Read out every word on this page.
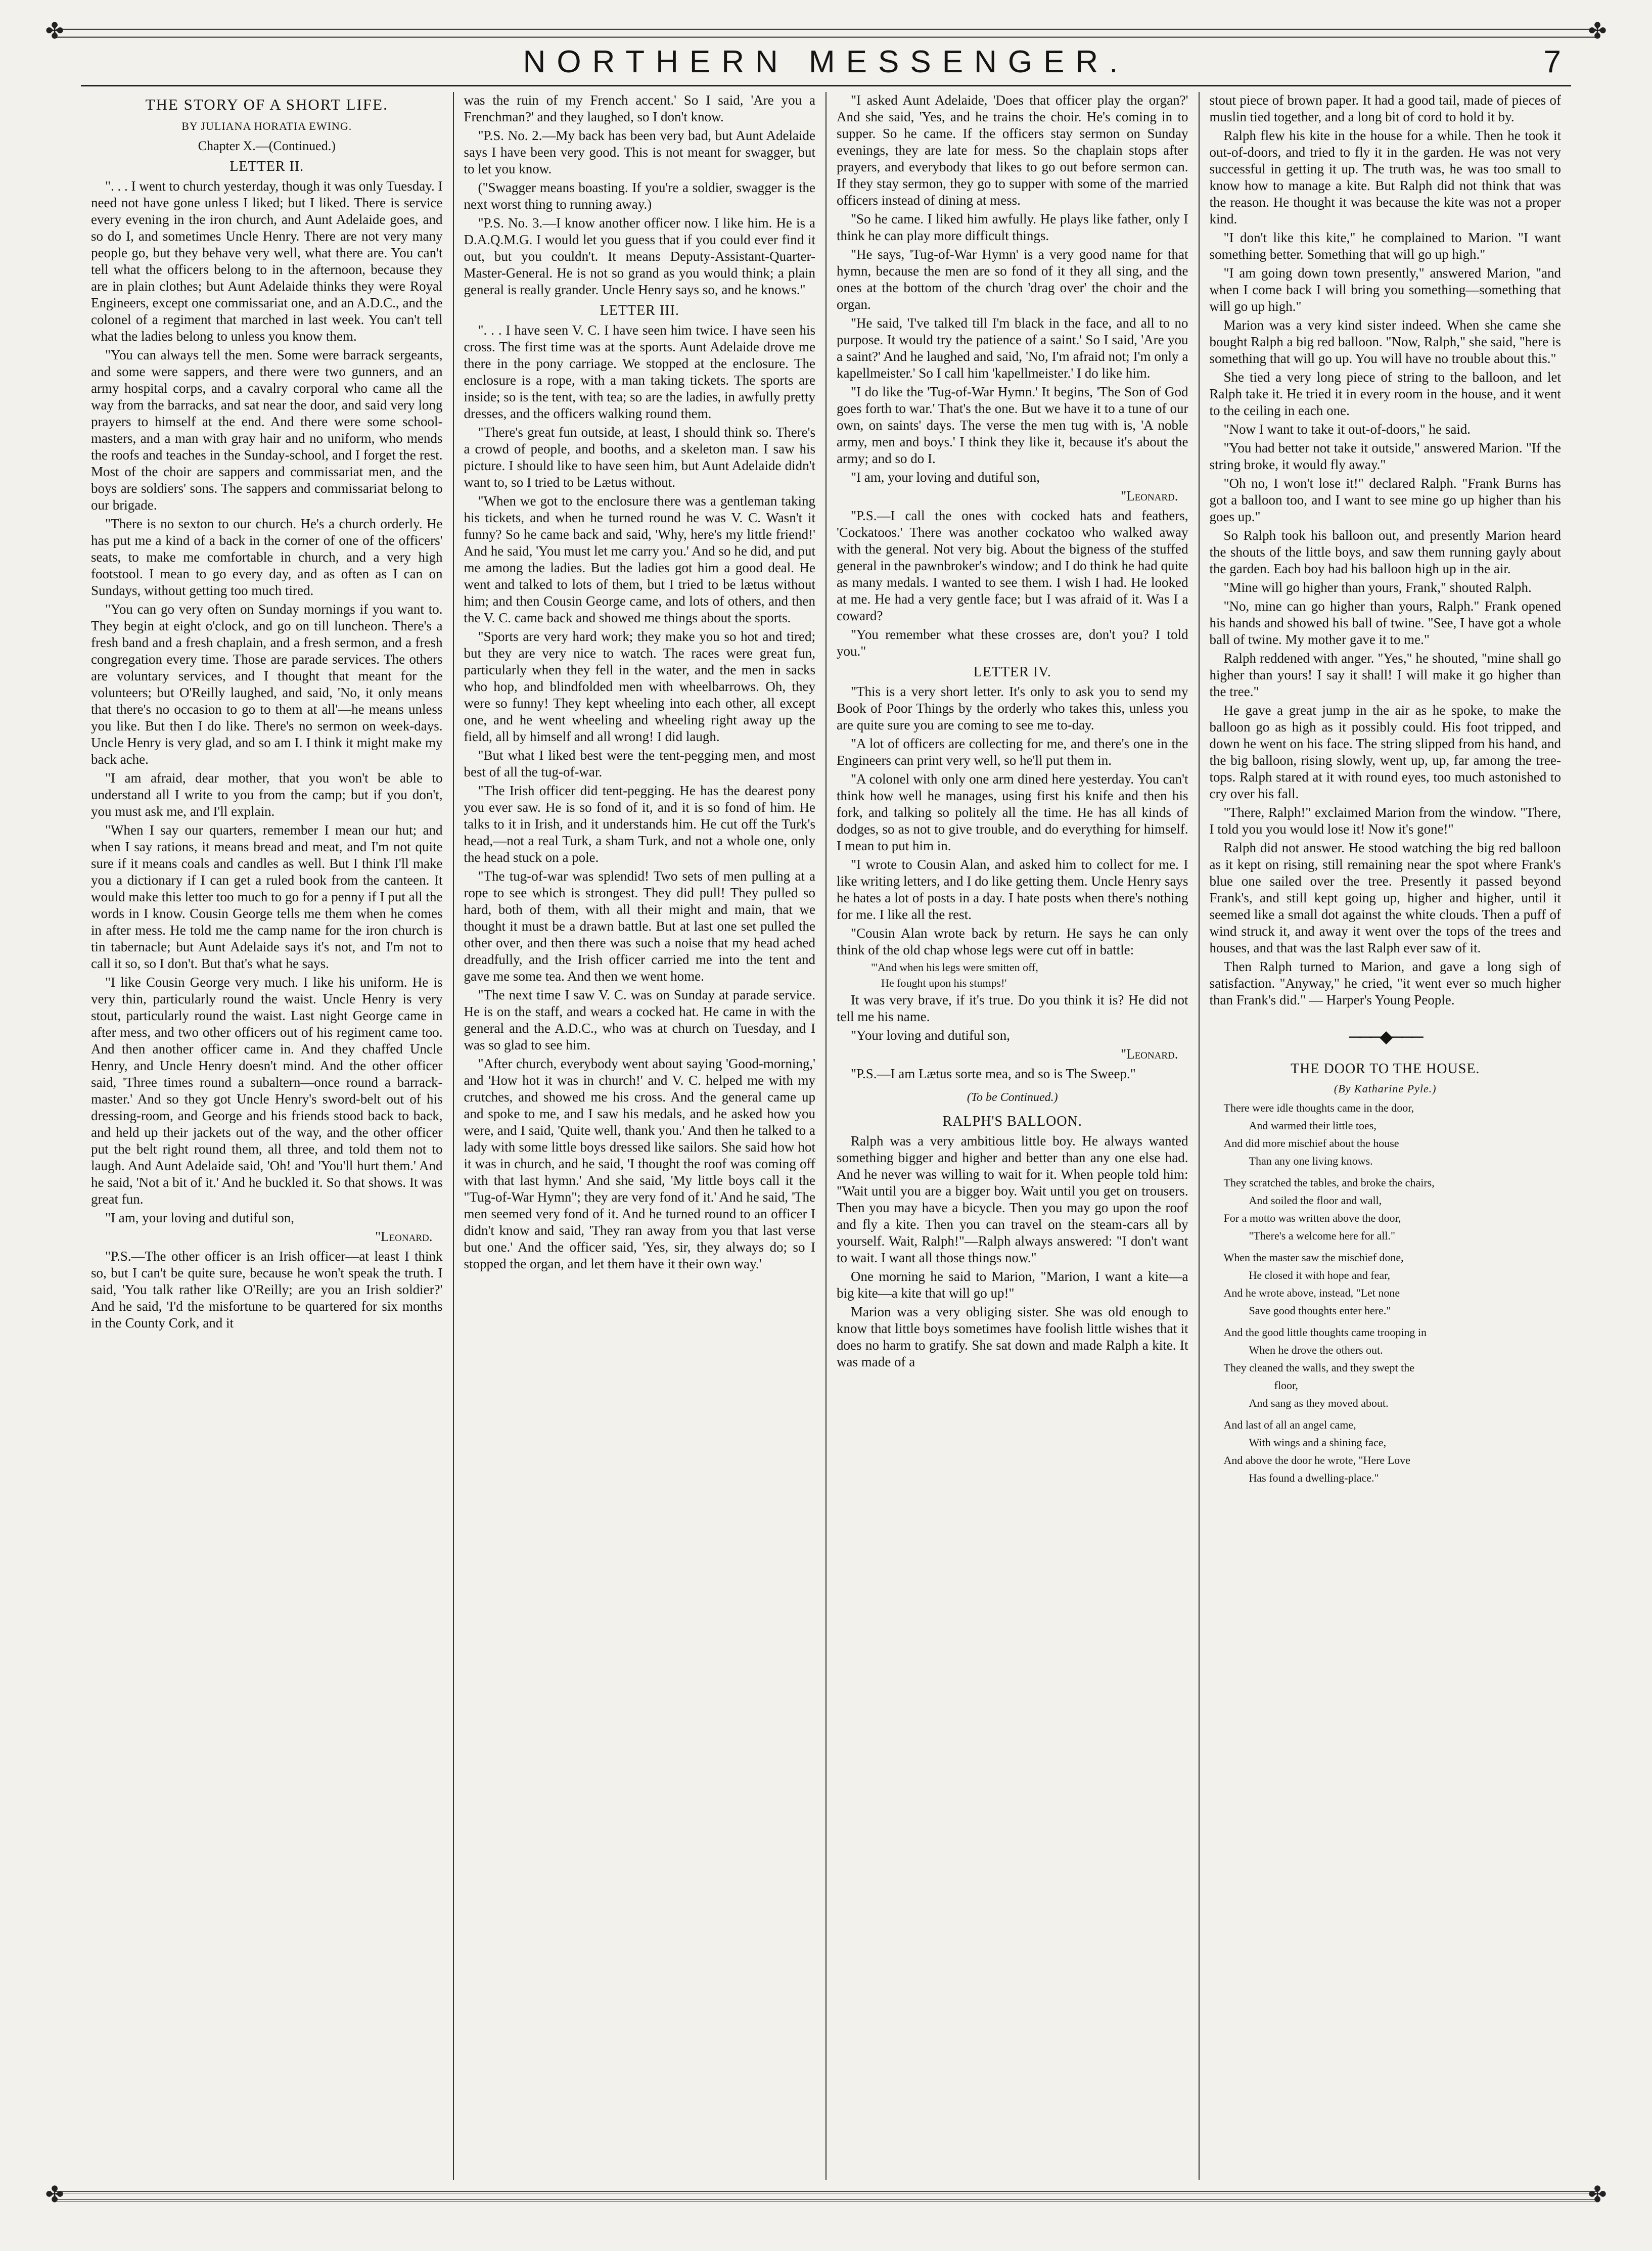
✤	✤
✤	✤
NORTHERN MESSENGER.	7
THE STORY OF A SHORT LIFE.
BY JULIANA HORATIA EWING.
Chapter X.—(Continued.)
LETTER II.

". . . I went to church yesterday, though it was only Tuesday. I need not have gone unless I liked; but I liked. There is service every evening in the iron church, and Aunt Adelaide goes, and so do I, and sometimes Uncle Henry. There are not very many people go, but they behave very well, what there are. You can't tell what the officers belong to in the afternoon, because they are in plain clothes; but Aunt Adelaide thinks they were Royal Engineers, except one commissariat one, and an A.D.C., and the colonel of a regiment that marched in last week. You can't tell what the ladies belong to unless you know them.

"You can always tell the men. Some were barrack sergeants, and some were sappers, and there were two gunners, and an army hospital corps, and a cavalry corporal who came all the way from the barracks, and sat near the door, and said very long prayers to himself at the end. And there were some school-masters, and a man with gray hair and no uniform, who mends the roofs and teaches in the Sunday-school, and I forget the rest. Most of the choir are sappers and commissariat men, and the boys are soldiers' sons. The sappers and commissariat belong to our brigade.

"There is no sexton to our church. He's a church orderly. He has put me a kind of a back in the corner of one of the officers' seats, to make me comfortable in church, and a very high footstool. I mean to go every day, and as often as I can on Sundays, without getting too much tired.

"You can go very often on Sunday mornings if you want to. They begin at eight o'clock, and go on till luncheon. There's a fresh band and a fresh chaplain, and a fresh sermon, and a fresh congregation every time. Those are parade services. The others are voluntary services, and I thought that meant for the volunteers; but O'Reilly laughed, and said, 'No, it only means that there's no occasion to go to them at all'—he means unless you like. But then I do like. There's no sermon on week-days. Uncle Henry is very glad, and so am I. I think it might make my back ache.

"I am afraid, dear mother, that you won't be able to understand all I write to you from the camp; but if you don't, you must ask me, and I'll explain.

"When I say our quarters, remember I mean our hut; and when I say rations, it means bread and meat, and I'm not quite sure if it means coals and candles as well. But I think I'll make you a dictionary if I can get a ruled book from the canteen. It would make this letter too much to go for a penny if I put all the words in I know. Cousin George tells me them when he comes in after mess. He told me the camp name for the iron church is tin tabernacle; but Aunt Adelaide says it's not, and I'm not to call it so, so I don't. But that's what he says.

"I like Cousin George very much. I like his uniform. He is very thin, particularly round the waist. Uncle Henry is very stout, particularly round the waist. Last night George came in after mess, and two other officers out of his regiment came too. And then another officer came in. And they chaffed Uncle Henry, and Uncle Henry doesn't mind. And the other officer said, 'Three times round a subaltern—once round a barrack-master.' And so they got Uncle Henry's sword-belt out of his dressing-room, and George and his friends stood back to back, and held up their jackets out of the way, and the other officer put the belt right round them, all three, and told them not to laugh. And Aunt Adelaide said, 'Oh! and 'You'll hurt them.' And he said, 'Not a bit of it.' And he buckled it. So that shows. It was great fun.

"I am, your loving and dutiful son,

"Leonard.

"P.S.—The other officer is an Irish officer—at least I think so, but I can't be quite sure, because he won't speak the truth. I said, 'You talk rather like O'Reilly; are you an Irish soldier?' And he said, 'I'd the misfortune to be quartered for six months in the County Cork, and it

was the ruin of my French accent.' So I said, 'Are you a Frenchman?' and they laughed, so I don't know.

"P.S. No. 2.—My back has been very bad, but Aunt Adelaide says I have been very good. This is not meant for swagger, but to let you know.

("Swagger means boasting. If you're a soldier, swagger is the next worst thing to running away.)

"P.S. No. 3.—I know another officer now. I like him. He is a D.A.Q.M.G. I would let you guess that if you could ever find it out, but you couldn't. It means Deputy-Assistant-Quarter-Master-General. He is not so grand as you would think; a plain general is really grander. Uncle Henry says so, and he knows."

LETTER III.

". . . I have seen V. C. I have seen him twice. I have seen his cross. The first time was at the sports. Aunt Adelaide drove me there in the pony carriage. We stopped at the enclosure. The enclosure is a rope, with a man taking tickets. The sports are inside; so is the tent, with tea; so are the ladies, in awfully pretty dresses, and the officers walking round them.

"There's great fun outside, at least, I should think so. There's a crowd of people, and booths, and a skeleton man. I saw his picture. I should like to have seen him, but Aunt Adelaide didn't want to, so I tried to be Lætus without.

"When we got to the enclosure there was a gentleman taking his tickets, and when he turned round he was V. C. Wasn't it funny? So he came back and said, 'Why, here's my little friend!' And he said, 'You must let me carry you.' And so he did, and put me among the ladies. But the ladies got him a good deal. He went and talked to lots of them, but I tried to be lætus without him; and then Cousin George came, and lots of others, and then the V. C. came back and showed me things about the sports.

"Sports are very hard work; they make you so hot and tired; but they are very nice to watch. The races were great fun, particularly when they fell in the water, and the men in sacks who hop, and blindfolded men with wheelbarrows. Oh, they were so funny! They kept wheeling into each other, all except one, and he went wheeling and wheeling right away up the field, all by himself and all wrong! I did laugh.

"But what I liked best were the tent-pegging men, and most best of all the tug-of-war.

"The Irish officer did tent-pegging. He has the dearest pony you ever saw. He is so fond of it, and it is so fond of him. He talks to it in Irish, and it understands him. He cut off the Turk's head,—not a real Turk, a sham Turk, and not a whole one, only the head stuck on a pole.

"The tug-of-war was splendid! Two sets of men pulling at a rope to see which is strongest. They did pull! They pulled so hard, both of them, with all their might and main, that we thought it must be a drawn battle. But at last one set pulled the other over, and then there was such a noise that my head ached dreadfully, and the Irish officer carried me into the tent and gave me some tea. And then we went home.

"The next time I saw V. C. was on Sunday at parade service. He is on the staff, and wears a cocked hat. He came in with the general and the A.D.C., who was at church on Tuesday, and I was so glad to see him.

"After church, everybody went about saying 'Good-morning,' and 'How hot it was in church!' and V. C. helped me with my crutches, and showed me his cross. And the general came up and spoke to me, and I saw his medals, and he asked how you were, and I said, 'Quite well, thank you.' And then he talked to a lady with some little boys dressed like sailors. She said how hot it was in church, and he said, 'I thought the roof was coming off with that last hymn.' And she said, 'My little boys call it the "Tug-of-War Hymn"; they are very fond of it.' And he said, 'The men seemed very fond of it. And he turned round to an officer I didn't know and said, 'They ran away from you that last verse but one.' And the officer said, 'Yes, sir, they always do; so I stopped the organ, and let them have it their own way.'

"I asked Aunt Adelaide, 'Does that officer play the organ?' And she said, 'Yes, and he trains the choir. He's coming in to supper. So he came. If the officers stay sermon on Sunday evenings, they are late for mess. So the chaplain stops after prayers, and everybody that likes to go out before sermon can. If they stay sermon, they go to supper with some of the married officers instead of dining at mess.

"So he came. I liked him awfully. He plays like father, only I think he can play more difficult things.

"He says, 'Tug-of-War Hymn' is a very good name for that hymn, because the men are so fond of it they all sing, and the ones at the bottom of the church 'drag over' the choir and the organ.

"He said, 'I've talked till I'm black in the face, and all to no purpose. It would try the patience of a saint.' So I said, 'Are you a saint?' And he laughed and said, 'No, I'm afraid not; I'm only a kapellmeister.' So I call him 'kapellmeister.' I do like him.

"I do like the 'Tug-of-War Hymn.' It begins, 'The Son of God goes forth to war.' That's the one. But we have it to a tune of our own, on saints' days. The verse the men tug with is, 'A noble army, men and boys.' I think they like it, because it's about the army; and so do I.

"I am, your loving and dutiful son,

"Leonard.

"P.S.—I call the ones with cocked hats and feathers, 'Cockatoos.' There was another cockatoo who walked away with the general. Not very big. About the bigness of the stuffed general in the pawnbroker's window; and I do think he had quite as many medals. I wanted to see them. I wish I had. He looked at me. He had a very gentle face; but I was afraid of it. Was I a coward?

"You remember what these crosses are, don't you? I told you."

LETTER IV.

"This is a very short letter. It's only to ask you to send my Book of Poor Things by the orderly who takes this, unless you are quite sure you are coming to see me to-day.

"A lot of officers are collecting for me, and there's one in the Engineers can print very well, so he'll put them in.

"A colonel with only one arm dined here yesterday. You can't think how well he manages, using first his knife and then his fork, and talking so politely all the time. He has all kinds of dodges, so as not to give trouble, and do everything for himself. I mean to put him in.

"I wrote to Cousin Alan, and asked him to collect for me. I like writing letters, and I do like getting them. Uncle Henry says he hates a lot of posts in a day. I hate posts when there's nothing for me. I like all the rest.

"Cousin Alan wrote back by return. He says he can only think of the old chap whose legs were cut off in battle:

"'And when his legs were smitten off,

He fought upon his stumps!'

It was very brave, if it's true. Do you think it is? He did not tell me his name.

"Your loving and dutiful son,

"Leonard.

"P.S.—I am Lætus sorte mea, and so is The Sweep."

(To be Continued.)
RALPH'S BALLOON.

Ralph was a very ambitious little boy. He always wanted something bigger and higher and better than any one else had. And he never was willing to wait for it. When people told him: "Wait until you are a bigger boy. Wait until you get on trousers. Then you may have a bicycle. Then you may go upon the roof and fly a kite. Then you can travel on the steam-cars all by yourself. Wait, Ralph!"—Ralph always answered: "I don't want to wait. I want all those things now."

One morning he said to Marion, "Marion, I want a kite—a big kite—a kite that will go up!"

Marion was a very obliging sister. She was old enough to know that little boys sometimes have foolish little wishes that it does no harm to gratify. She sat down and made Ralph a kite. It was made of a

stout piece of brown paper. It had a good tail, made of pieces of muslin tied together, and a long bit of cord to hold it by.

Ralph flew his kite in the house for a while. Then he took it out-of-doors, and tried to fly it in the garden. He was not very successful in getting it up. The truth was, he was too small to know how to manage a kite. But Ralph did not think that was the reason. He thought it was because the kite was not a proper kind.

"I don't like this kite," he complained to Marion. "I want something better. Something that will go up high."

"I am going down town presently," answered Marion, "and when I come back I will bring you something—something that will go up high."

Marion was a very kind sister indeed. When she came she bought Ralph a big red balloon. "Now, Ralph," she said, "here is something that will go up. You will have no trouble about this."

She tied a very long piece of string to the balloon, and let Ralph take it. He tried it in every room in the house, and it went to the ceiling in each one.

"Now I want to take it out-of-doors," he said.

"You had better not take it outside," answered Marion. "If the string broke, it would fly away."

"Oh no, I won't lose it!" declared Ralph. "Frank Burns has got a balloon too, and I want to see mine go up higher than his goes up."

So Ralph took his balloon out, and presently Marion heard the shouts of the little boys, and saw them running gayly about the garden. Each boy had his balloon high up in the air.

"Mine will go higher than yours, Frank," shouted Ralph.

"No, mine can go higher than yours, Ralph." Frank opened his hands and showed his ball of twine. "See, I have got a whole ball of twine. My mother gave it to me."

Ralph reddened with anger. "Yes," he shouted, "mine shall go higher than yours! I say it shall! I will make it go higher than the tree."

He gave a great jump in the air as he spoke, to make the balloon go as high as it possibly could. His foot tripped, and down he went on his face. The string slipped from his hand, and the big balloon, rising slowly, went up, up, far among the tree-tops. Ralph stared at it with round eyes, too much astonished to cry over his fall.

"There, Ralph!" exclaimed Marion from the window. "There, I told you you would lose it! Now it's gone!"

Ralph did not answer. He stood watching the big red balloon as it kept on rising, still remaining near the spot where Frank's blue one sailed over the tree. Presently it passed beyond Frank's, and still kept going up, higher and higher, until it seemed like a small dot against the white clouds. Then a puff of wind struck it, and away it went over the tops of the trees and houses, and that was the last Ralph ever saw of it.

Then Ralph turned to Marion, and gave a long sigh of satisfaction. "Anyway," he cried, "it went ever so much higher than Frank's did." — Harper's Young People.

───◆───
THE DOOR TO THE HOUSE.
(By Katharine Pyle.)

There were idle thoughts came in the door,

And warmed their little toes,

And did more mischief about the house

Than any one living knows.

They scratched the tables, and broke the chairs,

And soiled the floor and wall,

For a motto was written above the door,

"There's a welcome here for all."

When the master saw the mischief done,

He closed it with hope and fear,

And he wrote above, instead, "Let none

Save good thoughts enter here."

And the good little thoughts came trooping in

When he drove the others out.

They cleaned the walls, and they swept the

floor,

And sang as they moved about.

And last of all an angel came,

With wings and a shining face,

And above the door he wrote, "Here Love

Has found a dwelling-place."
